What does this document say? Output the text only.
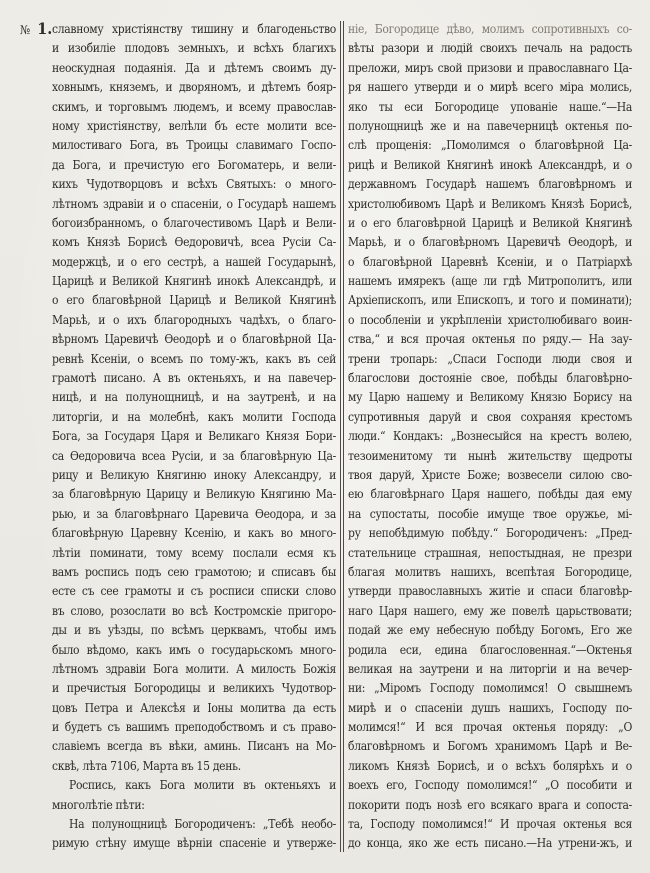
№ 1. славному христіянству тишину и благоденьство
и изобиліе плодовъ земныхъ, и всѣхъ благихъ
неоскудная подаянія. Да и дѣтемъ своимъ ду-
ховнымъ, княземъ, и дворяномъ, и дѣтемъ бояр-
скимъ, и торговымъ людемъ, и всему православ-
ному христіянству, велѣли бъ есте молити все-
милостиваго Бога, въ Троицы славимаго Госпо-
да Бога, и пречистую его Богоматерь, и вели-
кихъ Чудотворцовъ и всѣхъ Святыхъ: о много-
лѣтномъ здравіи и о спасеніи, о Государѣ нашемъ
богоизбранномъ, о благочестивомъ Царѣ и Вели-
комъ Князѣ Борисѣ Ѳедоровичѣ, всеа Русіи Са-
модержцѣ, и о его сестрѣ, а нашей Государынѣ,
Царицѣ и Великой Княгинѣ инокѣ Александрѣ, и
о его благовѣрной Царицѣ и Великой Княгинѣ
Марьѣ, и о ихъ благородныхъ чадѣхъ, о благо-
вѣрномъ Царевичѣ Ѳеодорѣ и о благовѣрной Ца-
ревнѣ Ксеніи, о всемъ по тому-жъ, какъ въ сей
грамотѣ писано. А въ октеньяхъ, и на павечер-
ницѣ, и на полунощницѣ, и на заутренѣ, и на
литоргіи, и на молебнѣ, какъ молити Господа
Бога, за Государя Царя и Великаго Князя Бори-
са Ѳедоровича всеа Русіи, и за благовѣрную Ца-
рицу и Великую Княгиню иноку Александру, и
за благовѣрную Царицу и Великую Княгиню Ма-
рью, и за благовѣрнаго Царевича Ѳеодора, и за
благовѣрную Царевну Ксенію, и какъ во много-
лѣтіи поминати, тому всему послали есмя къ
вамъ роспись подъ сею грамотою; и списавъ бы
есте съ сее грамоты и съ росписи списки слово
въ слово, розослати во всѣ Костромскіе пригоро-
ды и въ уѣзды, по всѣмъ церквамъ, чтобы имъ
было вѣдомо, какъ имъ о государьскомъ много-
лѣтномъ здравіи Бога молити. А милость Божія
и пречистыя Богородицы и великихъ Чудотвор-
цовъ Петра и Алексѣя и Іоны молитва да есть
и будетъ съ вашимъ преподобствомъ и съ право-
славіемъ всегда въ вѣки, аминь. Писанъ на Мо-
сквѣ, лѣта 7106, Марта въ 15 день.
Роспись, какъ Бога молити въ октеньяхъ и
многолѣтіе пѣти:
На полунощницѣ Богородиченъ: „Тебѣ необо-
римую стѣну имуще вѣрніи спасеніе и утверже-
ніе, Богородице дѣво, молимъ сопротивныхъ со-
вѣты разори и людій своихъ печаль на радость
преложи, миръ свой призови и православнаго Ца-
ря нашего утверди и о мирѣ всего міра молись,
яко ты еси Богородице упованіе наше.“—На
полунощницѣ же и на павечерницѣ октенья по-
слѣ прощенія: „Помолимся о благовѣрной Ца-
рицѣ и Великой Княгинѣ инокѣ Александрѣ, и о
державномъ Государѣ нашемъ благовѣрномъ и
христолюбивомъ Царѣ и Великомъ Князѣ Борисѣ,
и о его благовѣрной Царицѣ и Великой Княгинѣ
Марьѣ, и о благовѣрномъ Царевичѣ Ѳеодорѣ, и
о благовѣрной Царевнѣ Ксеніи, и о Патріархѣ
нашемъ имярекъ (аще ли гдѣ Митрополитъ, или
Архіепископъ, или Епископъ, и того и поминати);
о пособленіи и укрѣпленіи христолюбиваго воин-
ства,“ и вся прочая октенья по ряду.— На зау-
трени тропарь: „Спаси Господи люди своя и
благослови достояніе свое, побѣды благовѣрно-
му Царю нашему и Великому Князю Борису на
супротивныя даруй и своя сохраняя крестомъ
люди.“ Кондакъ: „Вознесыйся на крестъ волею,
тезоименитому ти нынѣ жительству щедроты
твоя даруй, Христе Боже; возвесели силою сво-
ею благовѣрнаго Царя нашего, побѣды дая ему
на супостаты, пособіе имуще твое оружье, мі-
ру непобѣдимую побѣду.“ Богородиченъ: „Пред-
стательнице страшная, непостыдная, не презри
благая молитвъ нашихъ, всепѣтая Богородице,
утверди православныхъ житіе и спаси благовѣр-
наго Царя нашего, ему же повелѣ царьствовати;
подай же ему небесную побѣду Богомъ, Его же
родила еси, едина благословенная.“—Октенья
великая на заутрени и на литоргіи и на вечер-
ни: „Міромъ Господу помолимся! О свышнемъ
мирѣ и о спасеніи душъ нашихъ, Господу по-
молимся!“ И вся прочая октенья поряду: „О
благовѣрномъ и Богомъ хранимомъ Царѣ и Ве-
ликомъ Князѣ Борисѣ, и о всѣхъ болярѣхъ и о
воехъ его, Господу помолимся!“ „О пособити и
покорити подъ нозѣ его всякаго врага и сопоста-
та, Господу помолимся!“ И прочая октенья вся
до конца, яко же есть писано.—На утрени-жъ, и
